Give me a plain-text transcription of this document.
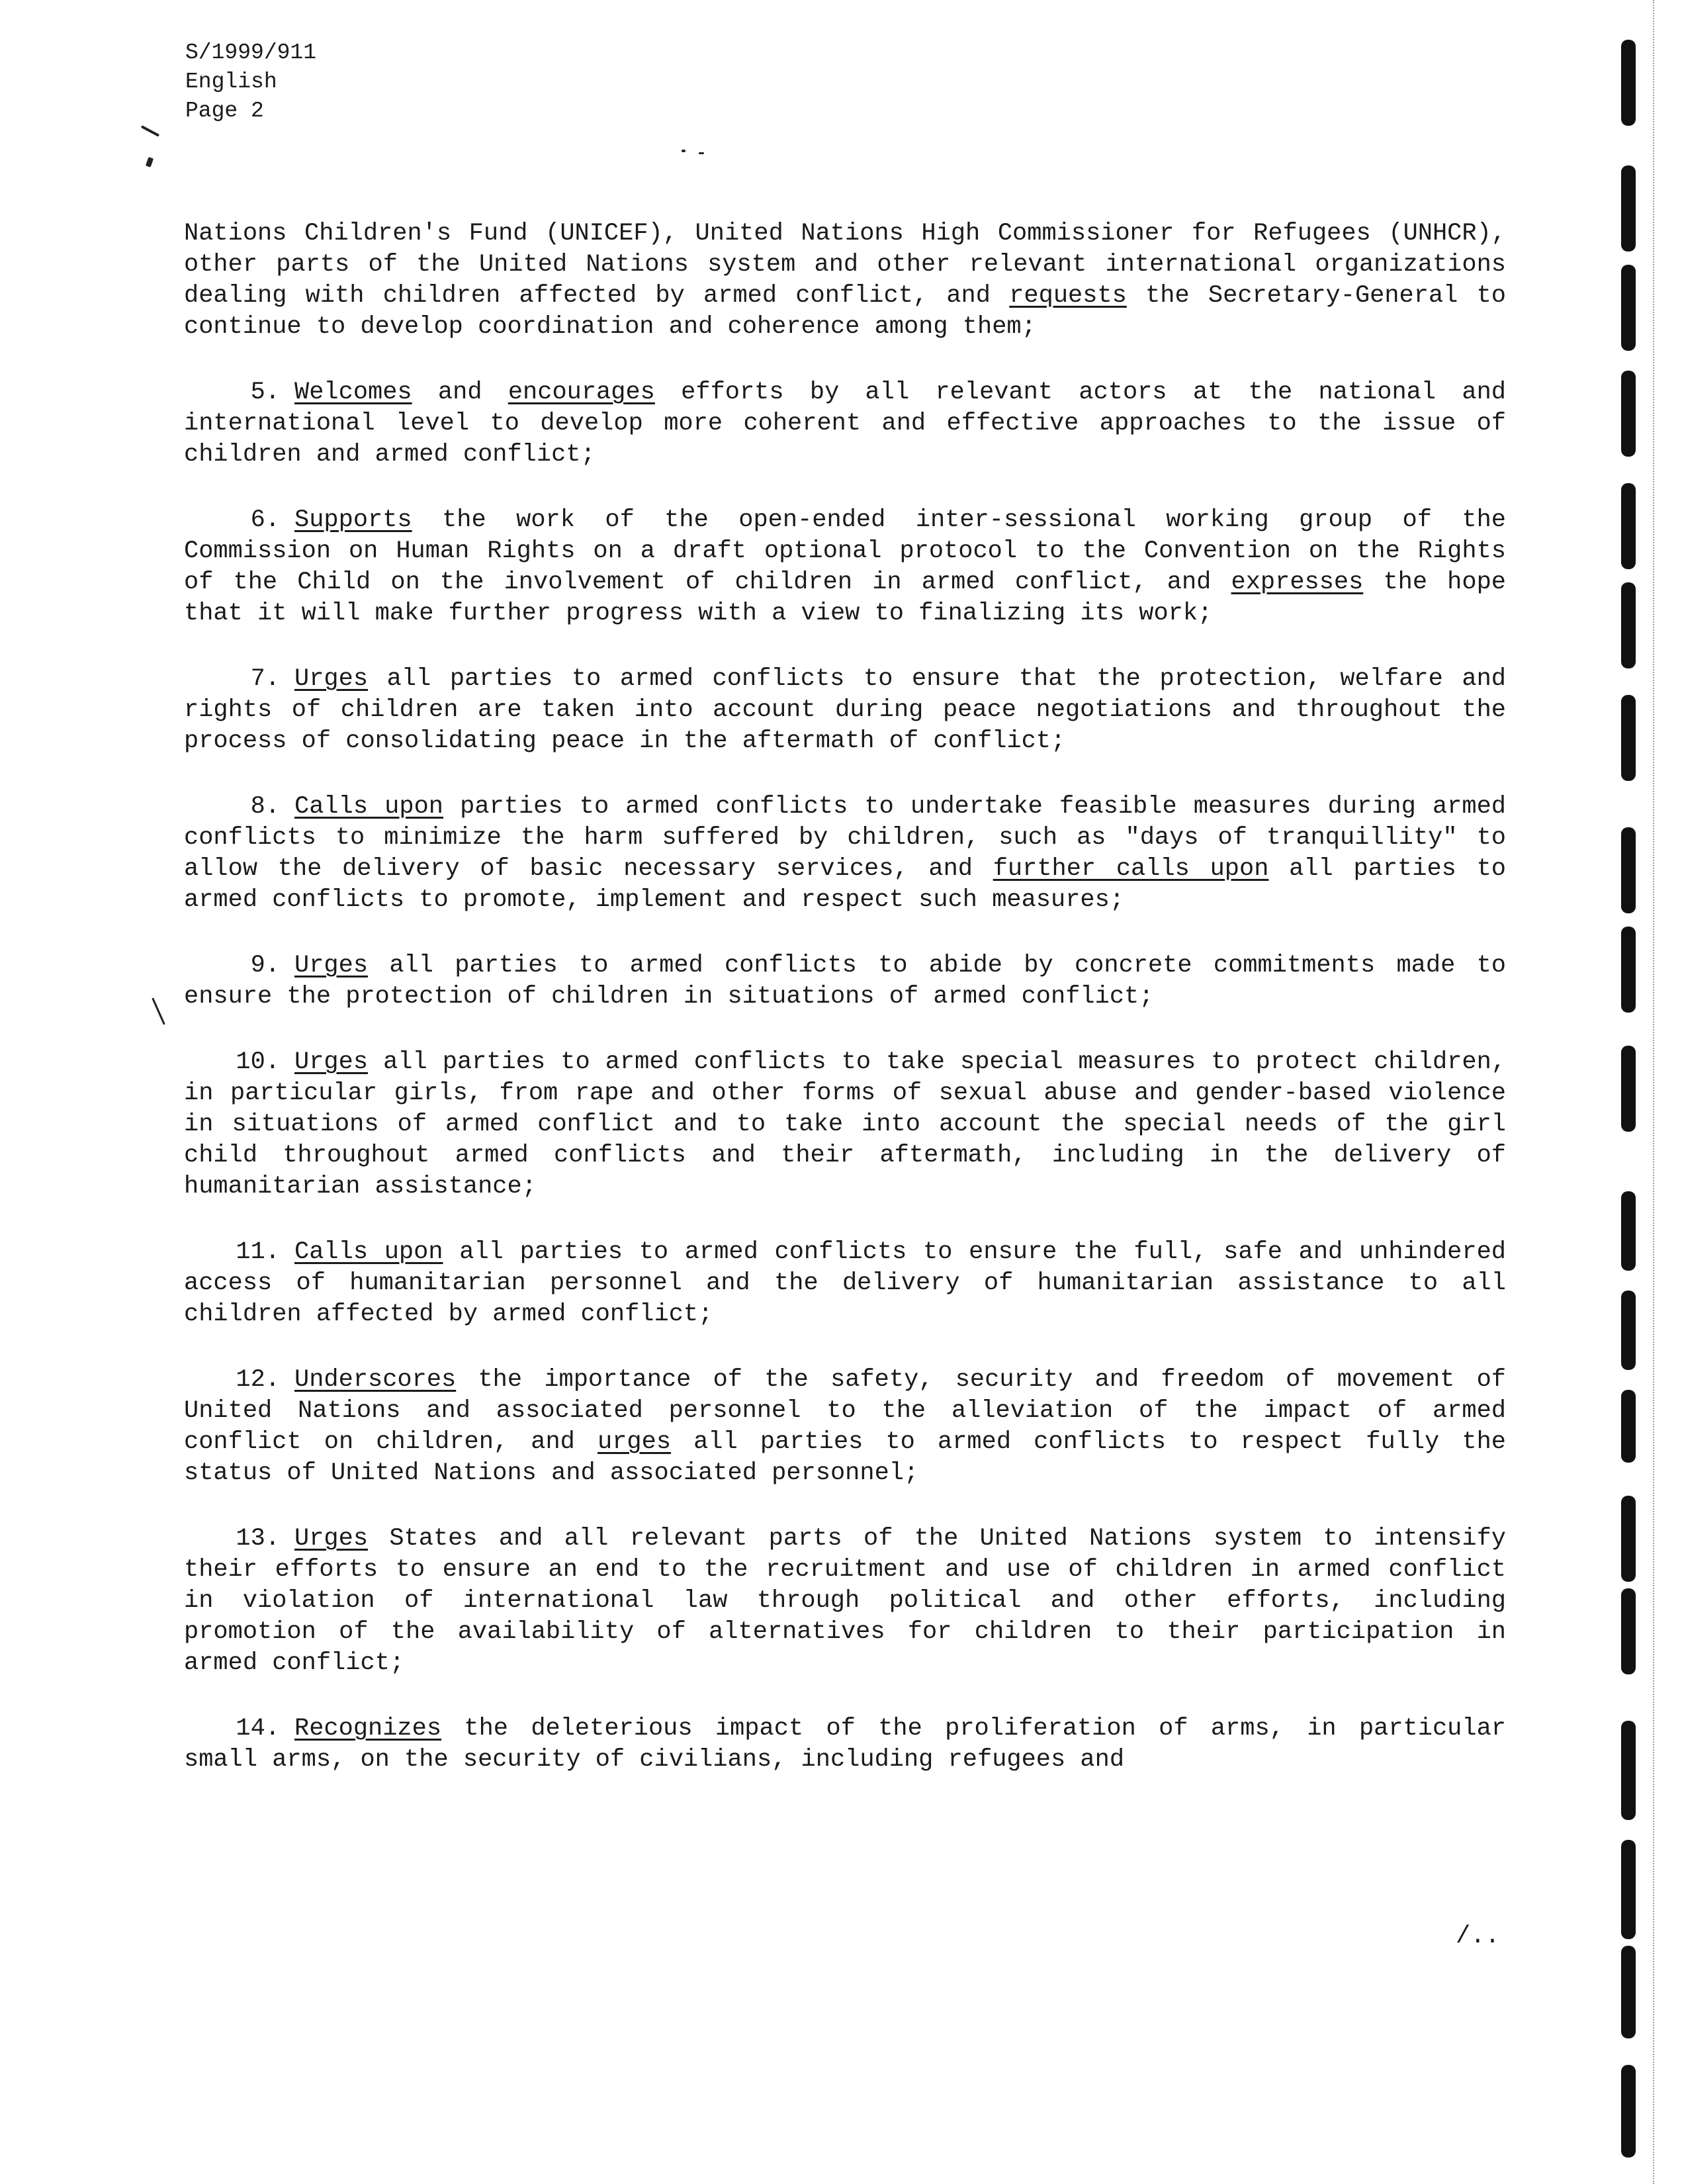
S/1999/911
English
Page 2

Nations Children's Fund (UNICEF), United Nations High Commissioner for Refugees (UNHCR), other parts of the United Nations system and other relevant international organizations dealing with children affected by armed conflict, and requests the Secretary-General to continue to develop coordination and coherence among them;

5. Welcomes and encourages efforts by all relevant actors at the national and international level to develop more coherent and effective approaches to the issue of children and armed conflict;

6. Supports the work of the open-ended inter-sessional working group of the Commission on Human Rights on a draft optional protocol to the Convention on the Rights of the Child on the involvement of children in armed conflict, and expresses the hope that it will make further progress with a view to finalizing its work;

7. Urges all parties to armed conflicts to ensure that the protection, welfare and rights of children are taken into account during peace negotiations and throughout the process of consolidating peace in the aftermath of conflict;

8. Calls upon parties to armed conflicts to undertake feasible measures during armed conflicts to minimize the harm suffered by children, such as "days of tranquillity" to allow the delivery of basic necessary services, and further calls upon all parties to armed conflicts to promote, implement and respect such measures;

9. Urges all parties to armed conflicts to abide by concrete commitments made to ensure the protection of children in situations of armed conflict;

10. Urges all parties to armed conflicts to take special measures to protect children, in particular girls, from rape and other forms of sexual abuse and gender-based violence in situations of armed conflict and to take into account the special needs of the girl child throughout armed conflicts and their aftermath, including in the delivery of humanitarian assistance;

11. Calls upon all parties to armed conflicts to ensure the full, safe and unhindered access of humanitarian personnel and the delivery of humanitarian assistance to all children affected by armed conflict;

12. Underscores the importance of the safety, security and freedom of movement of United Nations and associated personnel to the alleviation of the impact of armed conflict on children, and urges all parties to armed conflicts to respect fully the status of United Nations and associated personnel;

13. Urges States and all relevant parts of the United Nations system to intensify their efforts to ensure an end to the recruitment and use of children in armed conflict in violation of international law through political and other efforts, including promotion of the availability of alternatives for children to their participation in armed conflict;

14. Recognizes the deleterious impact of the proliferation of arms, in particular small arms, on the security of civilians, including refugees and

/..
